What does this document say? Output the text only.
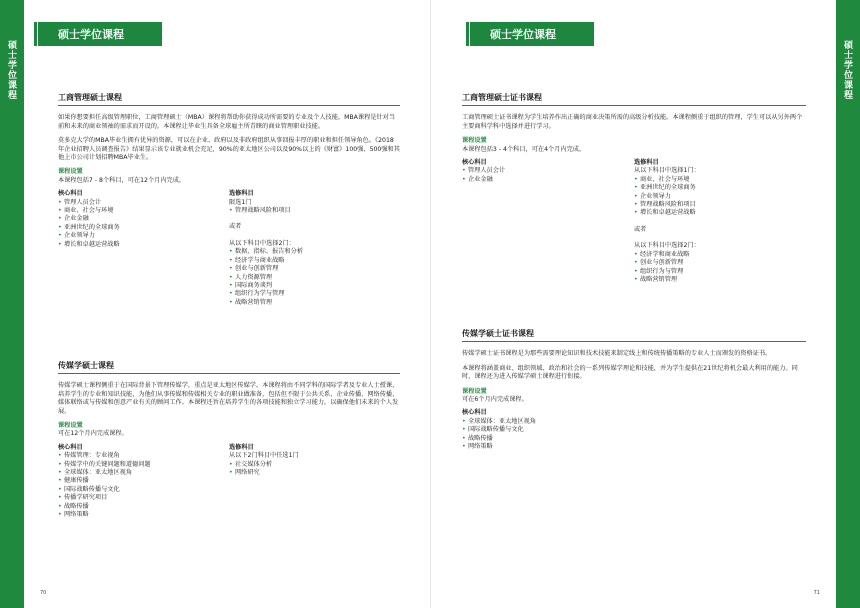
硕士学位课程	硕士学位课程
硕士学位课程
工商管理硕士课程

如果你想要担任高级管理职位，工商管理硕士（MBA）课程将帮助你获得成功所需要的专业及个人技能。MBA课程是针对当前和未来的商业领袖的需求而开设的。本课程让毕业生具备全球雇主所青睐的商业管理职业技能。

莫多克大学的MBA毕业生拥有优异的资源，可以在企业、政府以及非政府组织从事回报丰厚的职业和担任领导角色。《2018年企业招聘人员调查报告》结果显示该专业就业机会充足，90%的亚太地区公司以及90%以上的《财富》100强、500强和其他上市公司计划招聘MBA毕业生。

课程设置
本课程包括7 - 8个科目，可在12个月内完成。
核心科目
• 管理人员会计
• 商业、社会与环境
• 企业金融
• 亚洲世纪的全球商务
• 企业领导力
• 增长和卓越运营战略
选修科目
限选1门
• 管理战略风险和项目
或者
从以下科目中选择2门：
• 数据、指标、报告和分析
• 经济学与商业战略
• 创业与创新管理
• 人力资源管理
• 国际商务谈判
• 组织行为学与管理
• 战略营销管理
传媒学硕士课程

传媒学硕士课程侧重于在国际背景下管理传媒学，重点是亚太地区传媒学。本课程将由不同学科的国际学者及专业人士授课，培养学生的专业和知识技能，为他们从事传媒和传媒相关专业的职业做准备，包括但不限于公共关系、企业传播、网络传播、媒体联络或与传媒和创意产业有关的顾问工作。本课程还旨在培养学生的各项技能和独立学习能力，以确保他们未来的个人发展。

课程设置
可在12个月内完成课程。
核心科目
• 传媒管理：专业视角
• 传媒学中的关键问题和道德问题
• 全球媒体：亚太地区视角
• 健康传播
• 国际战略传播与文化
• 传播学研究项目
• 战略传播
• 网络策略
选修科目
从以下2门科目中任选1门
• 社交媒体分析
• 网络研究
70
硕士学位课程
工商管理硕士证书课程

工商管理硕士证书课程为学生培养作出正确的商业决策所需的高级分析技能。本课程侧重于组织的管理，学生可以从另外两个主要商科学科中选择并进行学习。

课程设置
本课程包括3 - 4个科目，可在4个月内完成。
核心科目
• 管理人员会计
• 企业金融
选修科目
从以下科目中选择1门：
• 商业、社会与环境
• 亚洲世纪的全球商务
• 企业领导力
• 管理战略风险和项目
• 增长和卓越运营战略
或者
从以下科目中选择2门：
• 经济学和商业战略
• 创业与创新管理
• 组织行为与管理
• 战略营销管理
传媒学硕士证书课程

传媒学硕士证书课程是为那些需要理论知识和技术技能来制定线上和传统传播策略的专业人士而颁发的资格证书。

本课程将涵盖商业、组织领域、政治和社会的一系列传媒学理论和技能，并为学生提供在21世纪将机会最大利用的能力。同时，课程还为进入传媒学硕士课程进行衔接。

课程设置
可在6个月内完成课程。
核心科目
• 全球媒体：亚太地区视角
• 国际战略传播与文化
• 战略传播
• 网络策略
71
